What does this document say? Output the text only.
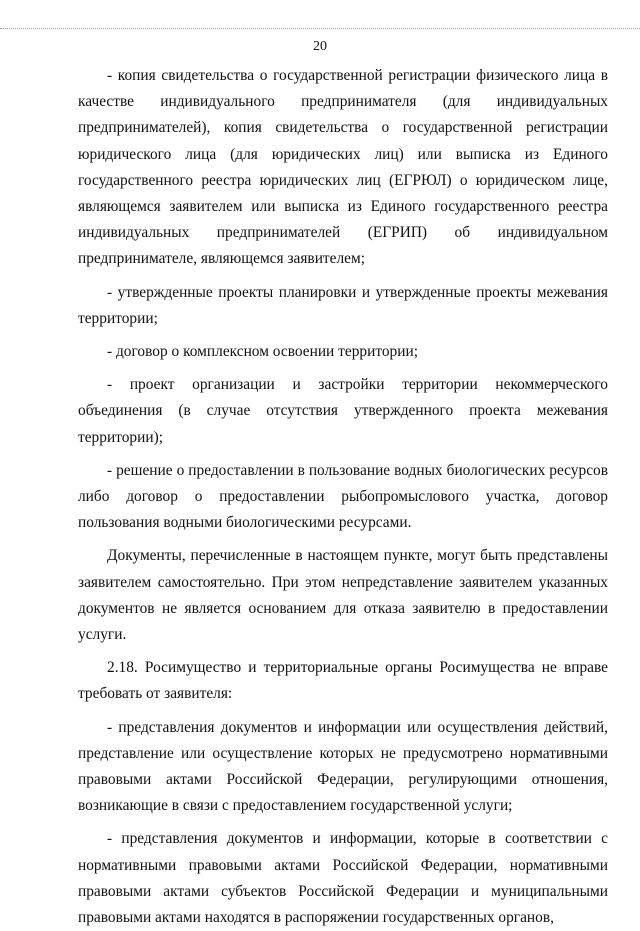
20

- копия свидетельства о государственной регистрации физического лица в качестве индивидуального предпринимателя (для индивидуальных предпринимателей), копия свидетельства о государственной регистрации юридического лица (для юридических лиц) или выписка из Единого государственного реестра юридических лиц (ЕГРЮЛ) о юридическом лице, являющемся заявителем или выписка из Единого государственного реестра индивидуальных предпринимателей (ЕГРИП) об индивидуальном предпринимателе, являющемся заявителем;

- утвержденные проекты планировки и утвержденные проекты межевания территории;

- договор о комплексном освоении территории;

- проект организации и застройки территории некоммерческого объединения (в случае отсутствия утвержденного проекта межевания территории);

- решение о предоставлении в пользование водных биологических ресурсов либо договор о предоставлении рыбопромыслового участка, договор пользования водными биологическими ресурсами.

Документы, перечисленные в настоящем пункте, могут быть представлены заявителем самостоятельно. При этом непредставление заявителем указанных документов не является основанием для отказа заявителю в предоставлении услуги.

2.18. Росимущество и территориальные органы Росимущества не вправе требовать от заявителя:

- представления документов и информации или осуществления действий, представление или осуществление которых не предусмотрено нормативными правовыми актами Российской Федерации, регулирующими отношения, возникающие в связи с предоставлением государственной услуги;

- представления документов и информации, которые в соответствии с нормативными правовыми актами Российской Федерации, нормативными правовыми актами субъектов Российской Федерации и муниципальными правовыми актами находятся в распоряжении государственных органов,
